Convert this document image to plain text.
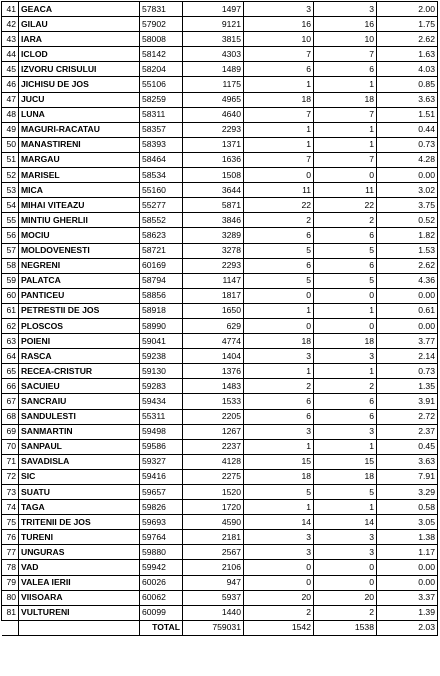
41	GEACA	57831	1497	3	3	2.00
42	GILAU	57902	9121	16	16	1.75
43	IARA	58008	3815	10	10	2.62
44	ICLOD	58142	4303	7	7	1.63
45	IZVORU CRISULUI	58204	1489	6	6	4.03
46	JICHISU DE JOS	55106	1175	1	1	0.85
47	JUCU	58259	4965	18	18	3.63
48	LUNA	58311	4640	7	7	1.51
49	MAGURI-RACATAU	58357	2293	1	1	0.44
50	MANASTIRENI	58393	1371	1	1	0.73
51	MARGAU	58464	1636	7	7	4.28
52	MARISEL	58534	1508	0	0	0.00
53	MICA	55160	3644	11	11	3.02
54	MIHAI VITEAZU	55277	5871	22	22	3.75
55	MINTIU GHERLII	58552	3846	2	2	0.52
56	MOCIU	58623	3289	6	6	1.82
57	MOLDOVENESTI	58721	3278	5	5	1.53
58	NEGRENI	60169	2293	6	6	2.62
59	PALATCA	58794	1147	5	5	4.36
60	PANTICEU	58856	1817	0	0	0.00
61	PETRESTII DE JOS	58918	1650	1	1	0.61
62	PLOSCOS	58990	629	0	0	0.00
63	POIENI	59041	4774	18	18	3.77
64	RASCA	59238	1404	3	3	2.14
65	RECEA-CRISTUR	59130	1376	1	1	0.73
66	SACUIEU	59283	1483	2	2	1.35
67	SANCRAIU	59434	1533	6	6	3.91
68	SANDULESTI	55311	2205	6	6	2.72
69	SANMARTIN	59498	1267	3	3	2.37
70	SANPAUL	59586	2237	1	1	0.45
71	SAVADISLA	59327	4128	15	15	3.63
72	SIC	59416	2275	18	18	7.91
73	SUATU	59657	1520	5	5	3.29
74	TAGA	59826	1720	1	1	0.58
75	TRITENII DE JOS	59693	4590	14	14	3.05
76	TURENI	59764	2181	3	3	1.38
77	UNGURAS	59880	2567	3	3	1.17
78	VAD	59942	2106	0	0	0.00
79	VALEA IERII	60026	947	0	0	0.00
80	VIISOARA	60062	5937	20	20	3.37
81	VULTURENI	60099	1440	2	2	1.39
		TOTAL	759031	1542	1538	2.03
